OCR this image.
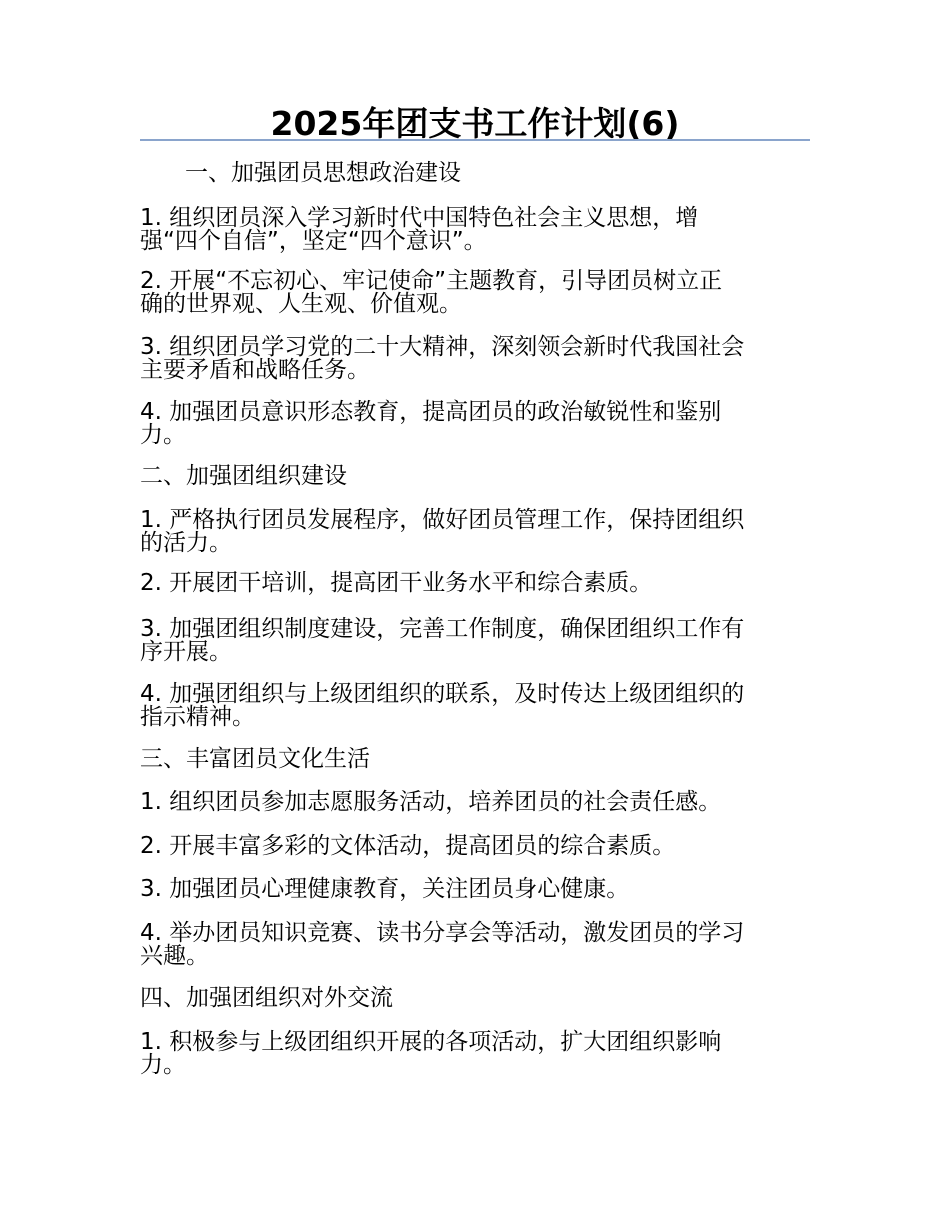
2025年团支书工作计划(6)

一、加强团员思想政治建设

1. 组织团员深入学习新时代中国特色社会主义思想，增
强“四个自信”，坚定“四个意识”。

2. 开展“不忘初心、牢记使命”主题教育，引导团员树立正
确的世界观、人生观、价值观。

3. 组织团员学习党的二十大精神，深刻领会新时代我国社会
主要矛盾和战略任务。

4. 加强团员意识形态教育，提高团员的政治敏锐性和鉴别
力。

二、加强团组织建设

1. 严格执行团员发展程序，做好团员管理工作，保持团组织
的活力。

2. 开展团干培训，提高团干业务水平和综合素质。

3. 加强团组织制度建设，完善工作制度，确保团组织工作有
序开展。

4. 加强团组织与上级团组织的联系，及时传达上级团组织的
指示精神。

三、丰富团员文化生活

1. 组织团员参加志愿服务活动，培养团员的社会责任感。

2. 开展丰富多彩的文体活动，提高团员的综合素质。

3. 加强团员心理健康教育，关注团员身心健康。

4. 举办团员知识竞赛、读书分享会等活动，激发团员的学习
兴趣。

四、加强团组织对外交流

1. 积极参与上级团组织开展的各项活动，扩大团组织影响
力。
